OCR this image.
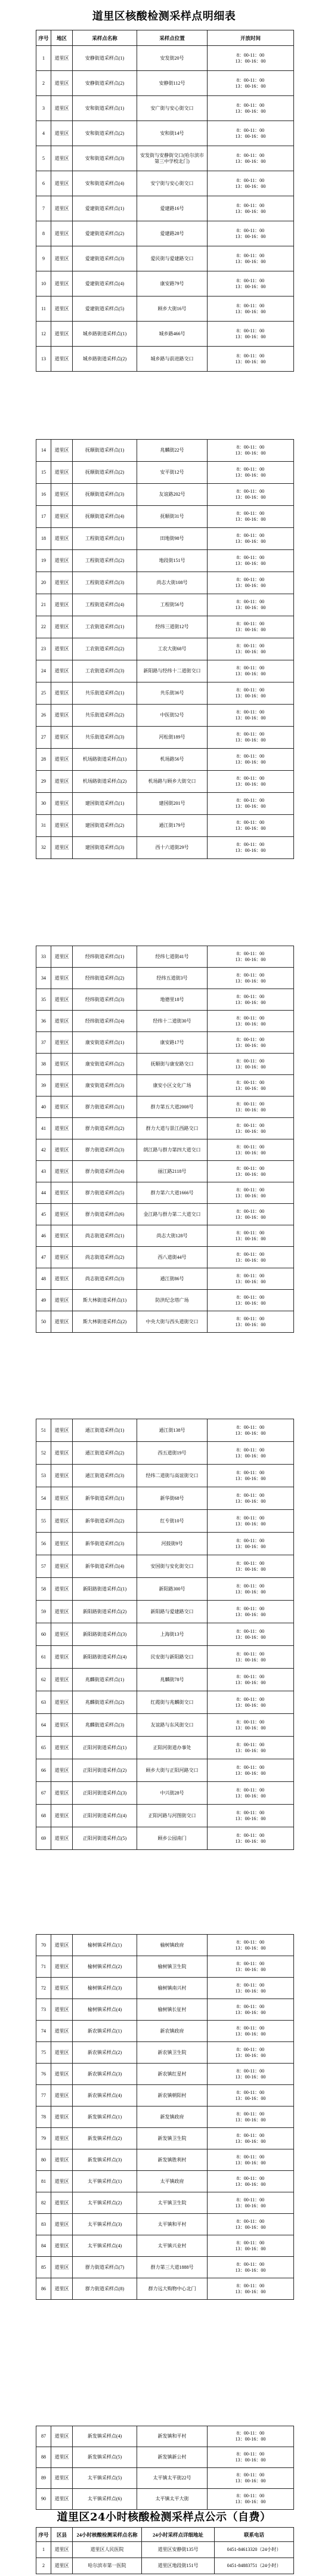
道里区核酸检测采样点明细表
道里区24小时核酸检测采样点公示（自费）
序号	地区	采样点名称	采样点位置	开放时间
1	道里区	安静街道采样点(1)	安发街20号	8：00-11：00
13：00-16：00

2	道里区	安静街道采样点(2)	安静街112号	8：00-11：00
13：00-16：00

3	道里区	安和街道采样点(1)	安广街与安心街交口	8：00-11：00
13：00-16：00

4	道里区	安和街道采样点(2)	安和街14号	8：00-11：00
13：00-16：00

5	道里区	安和街道采样点(3)	安发街与安静街交口(哈尔滨市第三中学校北门)	8：00-11：00
13：00-16：00

6	道里区	安和街道采样点(4)	安宁街与安心街交口	8：00-11：00
13：00-16：00

7	道里区	爱建街道采样点(1)	爱建路16号	8：00-11：00
13：00-16：00

8	道里区	爱建街道采样点(2)	爱建路28号	8：00-11：00
13：00-16：00

9	道里区	爱建街道采样点(3)	爱民街与爱建路交口	8：00-11：00
13：00-16：00

10	道里区	爱建街道采样点(4)	康安路79号	8：00-11：00
13：00-16：00

11	道里区	爱建街道采样点(5)	顾乡大街16号	8：00-11：00
13：00-16：00

12	道里区	城乡路街道采样点(1)	城乡路466号	8：00-11：00
13：00-16：00

13	道里区	城乡路街道采样点(2)	城乡路与前进路交口	8：00-11：00
13：00-16：00
14	道里区	抚顺街道采样点(1)	兆麟街22号	8：00-11：00
13：00-16：00

15	道里区	抚顺街道采样点(2)	安平街12号	8：00-11：00
13：00-16：00

16	道里区	抚顺街道采样点(3)	友谊路202号	8：00-11：00
13：00-16：00

17	道里区	抚顺街道采样点(4)	抚顺街31号	8：00-11：00
13：00-16：00

18	道里区	工程街道采样点(1)	田地街98号	8：00-11：00
13：00-16：00

19	道里区	工程街道采样点(2)	地段街151号	8：00-11：00
13：00-16：00

20	道里区	工程街道采样点(3)	尚志大街108号	8：00-11：00
13：00-16：00

21	道里区	工程街道采样点(4)	工程街56号	8：00-11：00
13：00-16：00

22	道里区	工农街道采样点(1)	经纬三道街12号	8：00-11：00
13：00-16：00

23	道里区	工农街道采样点(2)	工农大街68号	8：00-11：00
13：00-16：00

24	道里区	工农街道采样点(3)	新阳路与经纬十二道街交口	8：00-11：00
13：00-16：00

25	道里区	共乐街道采样点(1)	共乐街36号	8：00-11：00
13：00-16：00

26	道里区	共乐街道采样点(2)	中医街52号	8：00-11：00
13：00-16：00

27	道里区	共乐街道采样点(3)	河松街189号	8：00-11：00
13：00-16：00

28	道里区	机场路街道采样点(1)	机场路56号	8：00-11：00
13：00-16：00

29	道里区	机场路街道采样点(2)	机场路与顾乡大街交口	8：00-11：00
13：00-16：00

30	道里区	建国街道采样点(1)	建国街201号	8：00-11：00
13：00-16：00

31	道里区	建国街道采样点(2)	通江街179号	8：00-11：00
13：00-16：00

32	道里区	建国街道采样点(3)	西十六道街29号	8：00-11：00
13：00-16：00
33	道里区	经纬街道采样点(1)	经纬七道街41号	8：00-11：00
13：00-16：00

34	道里区	经纬街道采样点(2)	经纬五道街3号	8：00-11：00
13：00-16：00

35	道里区	经纬街道采样点(3)	地德里18号	8：00-11：00
13：00-16：00

36	道里区	经纬街道采样点(4)	经纬十二道街30号	8：00-11：00
13：00-16：00

37	道里区	康安街道采样点(1)	康安路17号	8：00-11：00
13：00-16：00

38	道里区	康安街道采样点(2)	抚顺街与康安路交口	8：00-11：00
13：00-16：00

39	道里区	康安街道采样点(3)	康安小区文化广场	8：00-11：00
13：00-16：00

40	道里区	群力街道采样点(1)	群力第五大道2008号	8：00-11：00
13：00-16：00

41	道里区	群力街道采样点(2)	群力大道与景江西路交口	8：00-11：00
13：00-16：00

42	道里区	群力街道采样点(3)	朗江路与群力第四大道交口	8：00-11：00
13：00-16：00

43	道里区	群力街道采样点(4)	丽江路2118号	8：00-11：00
13：00-16：00

44	道里区	群力街道采样点(5)	群力第六大道1666号	8：00-11：00
13：00-16：00

45	道里区	群力街道采样点(6)	金江路与群力第二大道交口	8：00-11：00
13：00-16：00

46	道里区	尚志街道采样点(1)	尚志大街128号	8：00-11：00
13：00-16：00

47	道里区	尚志街道采样点(2)	西八道街44号	8：00-11：00
13：00-16：00

48	道里区	尚志街道采样点(3)	通江街86号	8：00-11：00
13：00-16：00

49	道里区	斯大林街道采样点(1)	防洪纪念塔广场	8：00-11：00
13：00-16：00

50	道里区	斯大林街道采样点(2)	中央大街与西头道街交口	8：00-11：00
13：00-16：00
51	道里区	通江街道采样点(1)	通江街138号	8：00-11：00
13：00-16：00

52	道里区	通江街道采样点(2)	西五道街19号	8：00-11：00
13：00-16：00

53	道里区	通江街道采样点(3)	经纬二道街与高谊街交口	8：00-11：00
13：00-16：00

54	道里区	新华街道采样点(1)	新华街68号	8：00-11：00
13：00-16：00

55	道里区	新华街道采样点(2)	红专街10号	8：00-11：00
13：00-16：00

56	道里区	新华街道采样点(3)	河鼓街9号	8：00-11：00
13：00-16：00

57	道里区	新华街道采样点(4)	安国街与安化街交口	8：00-11：00
13：00-16：00

58	道里区	新阳路街道采样点(1)	新阳路300号	8：00-11：00
13：00-16：00

59	道里区	新阳路街道采样点(2)	新阳路与爱建路交口	8：00-11：00
13：00-16：00

60	道里区	新阳路街道采样点(3)	上海街13号	8：00-11：00
13：00-16：00

61	道里区	新阳路街道采样点(4)	民安街与新阳路交口	8：00-11：00
13：00-16：00

62	道里区	兆麟街道采样点(1)	兆麟街78号	8：00-11：00
13：00-16：00

63	道里区	兆麟街道采样点(2)	红霞街与兆麟街交口	8：00-11：00
13：00-16：00

64	道里区	兆麟街道采样点(3)	友谊路与东风街交口	8：00-11：00
13：00-16：00

65	道里区	正阳河街道采样点(1)	正阳河街道办事处	8：00-11：00
13：00-16：00

66	道里区	正阳河街道采样点(2)	顾乡大街与正阳河路交口	8：00-11：00
13：00-16：00

67	道里区	正阳河街道采样点(3)	中兴街28号	8：00-11：00
13：00-16：00

68	道里区	正阳河街道采样点(4)	正阳河路与河图街交口	8：00-11：00
13：00-16：00

69	道里区	正阳河街道采样点(5)	顾乡公园南门	8：00-11：00
13：00-16：00
70	道里区	榆树镇采样点(1)	榆树镇政府	8：00-11：00
13：00-16：00

71	道里区	榆树镇采样点(2)	榆树镇卫生院	8：00-11：00
13：00-16：00

72	道里区	榆树镇采样点(3)	榆树镇南兴村	8：00-11：00
13：00-16：00

73	道里区	榆树镇采样点(4)	榆树镇长征村	8：00-11：00
13：00-16：00

74	道里区	新农镇采样点(1)	新农镇政府	8：00-11：00
13：00-16：00

75	道里区	新农镇采样点(2)	新农镇卫生院	8：00-11：00
13：00-16：00

76	道里区	新农镇采样点(3)	新农镇红星村	8：00-11：00
13：00-16：00

77	道里区	新农镇采样点(4)	新农镇朝阳村	8：00-11：00
13：00-16：00

78	道里区	新发镇采样点(1)	新发镇政府	8：00-11：00
13：00-16：00

79	道里区	新发镇采样点(2)	新发镇卫生院	8：00-11：00
13：00-16：00

80	道里区	新发镇采样点(3)	新发镇胜利村	8：00-11：00
13：00-16：00

81	道里区	太平镇采样点(1)	太平镇政府	8：00-11：00
13：00-16：00

82	道里区	太平镇采样点(2)	太平镇卫生院	8：00-11：00
13：00-16：00

83	道里区	太平镇采样点(3)	太平镇和平村	8：00-11：00
13：00-16：00

84	道里区	太平镇采样点(4)	太平镇兴业村	8：00-11：00
13：00-16：00

85	道里区	群力街道采样点(7)	群力第三大道1888号	8：00-11：00
13：00-16：00

86	道里区	群力街道采样点(8)	群力远大购物中心北门	8：00-11：00
13：00-16：00
87	道里区	新发镇采样点(4)	新发镇和平村	8：00-11：00
13：00-16：00

88	道里区	新发镇采样点(5)	新发镇新公村	8：00-11：00
13：00-16：00

89	道里区	太平镇采样点(5)	太平镇太平街22号	8：00-11：00
13：00-16：00

90	道里区	太平镇采样点(6)	太平镇太平大街	8：00-11：00
13：00-16：00
序号	区县	24小时核酸检测采样点名称	24小时采样点详细地址	联系电话
1	道里区	道里区人民医院	道里区安静街135号	0451-84613320（24小时）
2	道里区	哈尔滨市第一医院	道里区地段街151号	0451-84883751（24小时）
